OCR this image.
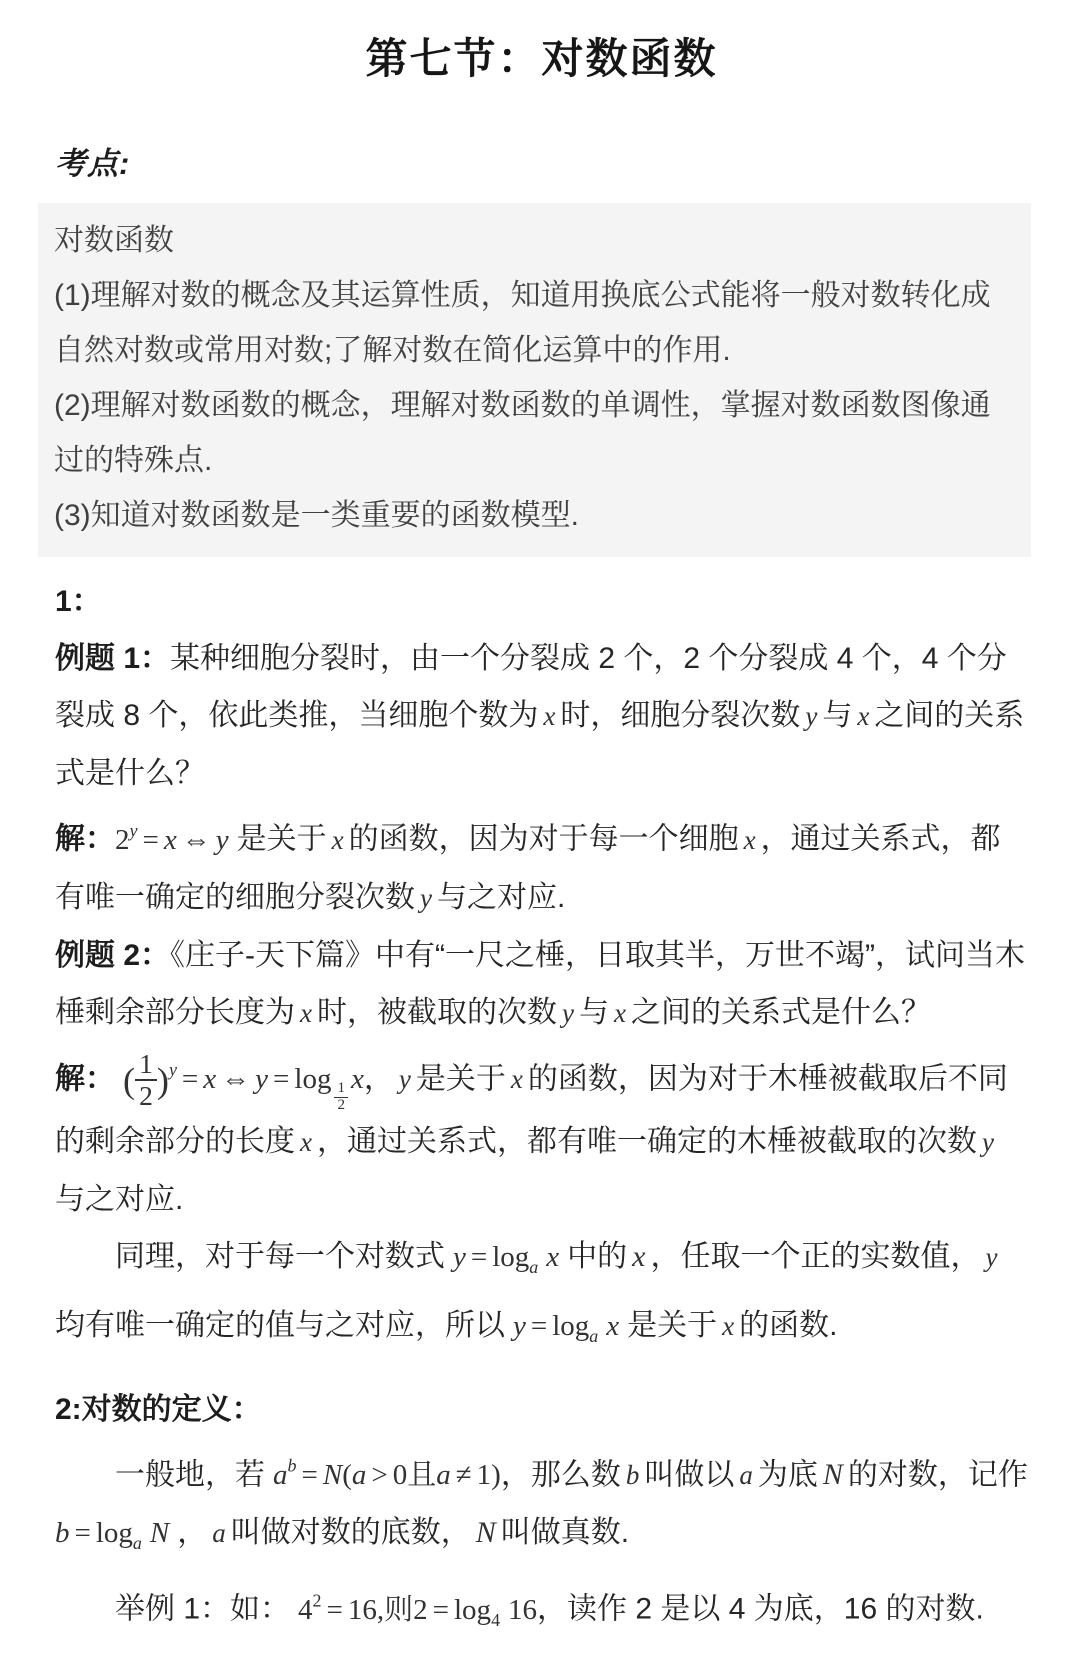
第七节：对数函数

考点:

对数函数

(1)理解对数的概念及其运算性质，知道用换底公式能将一般对数转化成自然对数或常用对数;了解对数在简化运算中的作用.

(2)理解对数函数的概念，理解对数函数的单调性，掌握对数函数图像通过的特殊点.

(3)知道对数函数是一类重要的函数模型.

1：

例题 1：某种细胞分裂时，由一个分裂成 2 个，2 个分裂成 4 个，4 个分裂成 8 个，依此类推，当细胞个数为 x 时，细胞分裂次数 y 与 x 之间的关系式是什么？

解：$2^y = x$ ⇔ y 是关于 x 的函数，因为对于每一个细胞 x ，通过关系式，都有唯一确定的细胞分裂次数 y 与之对应.

例题 2：《庄子-天下篇》中有“一尺之棰，日取其半，万世不竭”，试问当木棰剩余部分长度为 x 时，被截取的次数 y 与 x 之间的关系式是什么？

解： ( $\frac{1}{2} )^y = x$ ⇔ y = log
$\frac{1}{2}$
x， y 是关于 x 的函数，因为对于木棰被截取后不同的剩余部分的长度 x ，通过关系式，都有唯一确定的木棰被截取的次数 y与之对应.

同理，对于每一个对数式 $y = \log_a x$ 中的 x ，任取一个正的实数值， y均有唯一确定的值与之对应，所以 $y = \log_a x$ 是关于 x 的函数.

2:对数的定义：

一般地，若 $a^b = N(a > 0$且a ≠ 1)，那么数 b 叫做以 a 为底 N 的对数，记作

$b = \log_a N$ ， a 叫做对数的底数， N 叫做真数.

举例 1：如： $4^2 = 16$,则$2 = \log_4 16$，读作 2 是以 4 为底，16 的对数.
